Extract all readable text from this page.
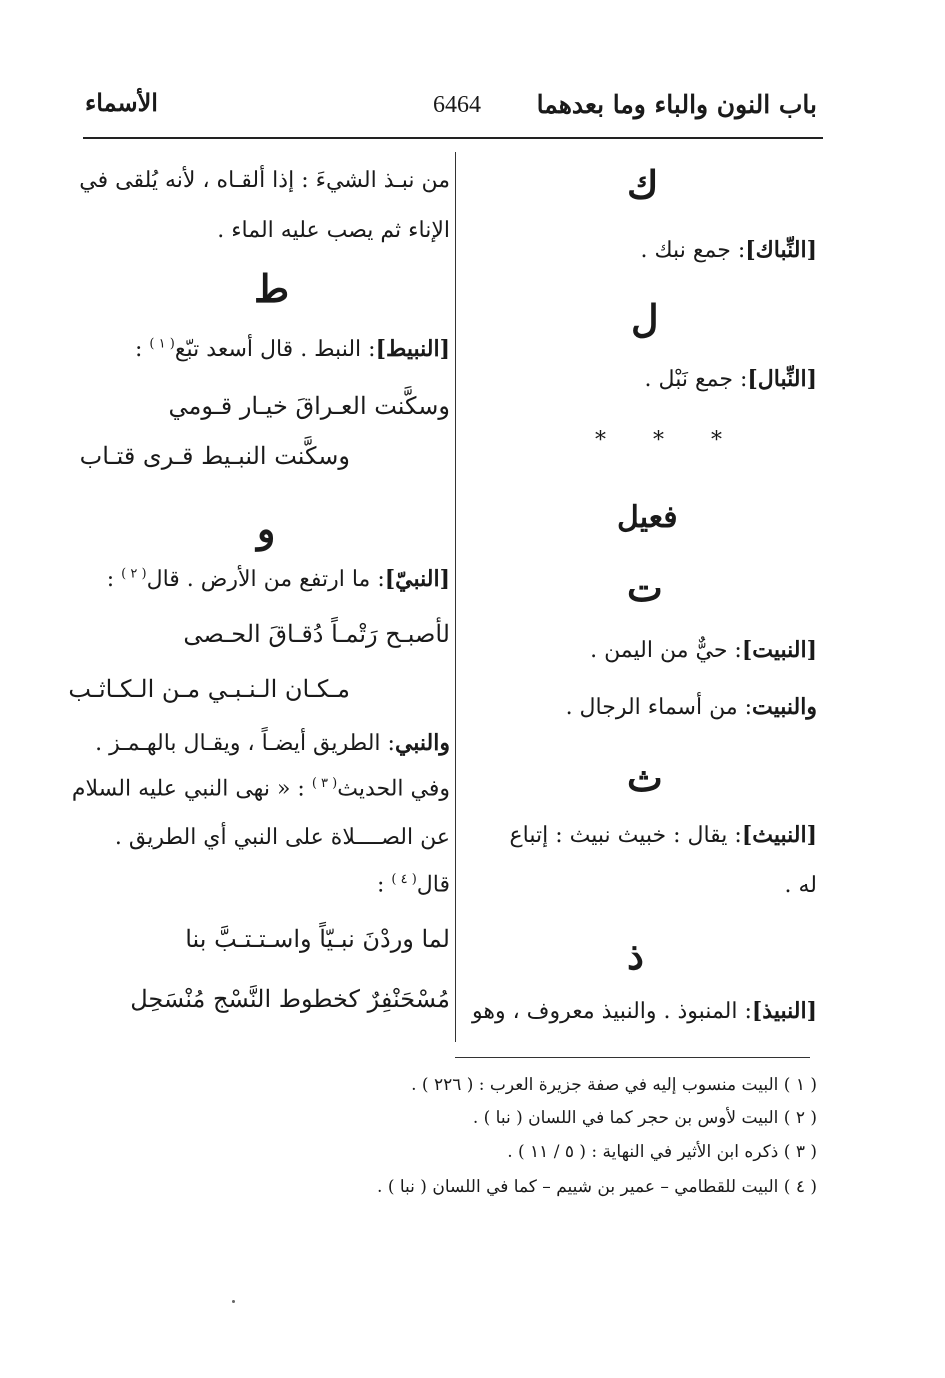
باب النون والباء وما بعدهما
6464
الأسماء
ك
[النِّباك]: جمع نبك .
ل
[النِّبال]: جمع نَبْل .
* * *
فعيل
ت
[النبيت]: حيٌّ من اليمن .
والنبيت: من أسماء الرجال .
ث
[النبيث]: يقال : خبيث نبيث : إتباع
له .
ذ
[النبيذ]: المنبوذ . والنبيذ معروف ، وهو
من نبـذ الشيءَ : إذا ألقـاه ، لأنه يُلقى في
الإناء ثم يصب عليه الماء .
ط
[النبيط]: النبط . قال أسعد تبّع$^{( ١ )}$ :
وسكَّنت العـراقَ خيـار قـومي
وسكَّنت النبـيط قـرى قتـاب
و
[النبيّ]: ما ارتفع من الأرض . قال$^{( ٢ )}$ :
لأصبـح رَتْمـاً دُقـاقَ الحـصى
مـكـان الـنـبـي مـن الـكـاثـب
والنبي: الطريق أيضـاً ، ويقـال بالهـمـز .
وفي الحديث$^{( ٣ )}$ : « نهى النبي عليه السلام
عن الصــــلاة على النبي أي الطريق .
قال$^{( ٤ )}$ :
لما وردْنَ نبـيّاً واسـتـتـبَّ بنا
مُسْحَنْفِرٌ كخطوط النَّسْج مُنْسَحِل
( ١ ) البيت منسوب إليه في صفة جزيرة العرب : ( ٢٢٦ ) .
( ٢ ) البيت لأوس بن حجر كما في اللسان ( نبا ) .
( ٣ ) ذكره ابن الأثير في النهاية : ( ٥ / ١١ ) .
( ٤ ) البيت للقطامي – عمير بن شييم – كما في اللسان ( نبا ) .
